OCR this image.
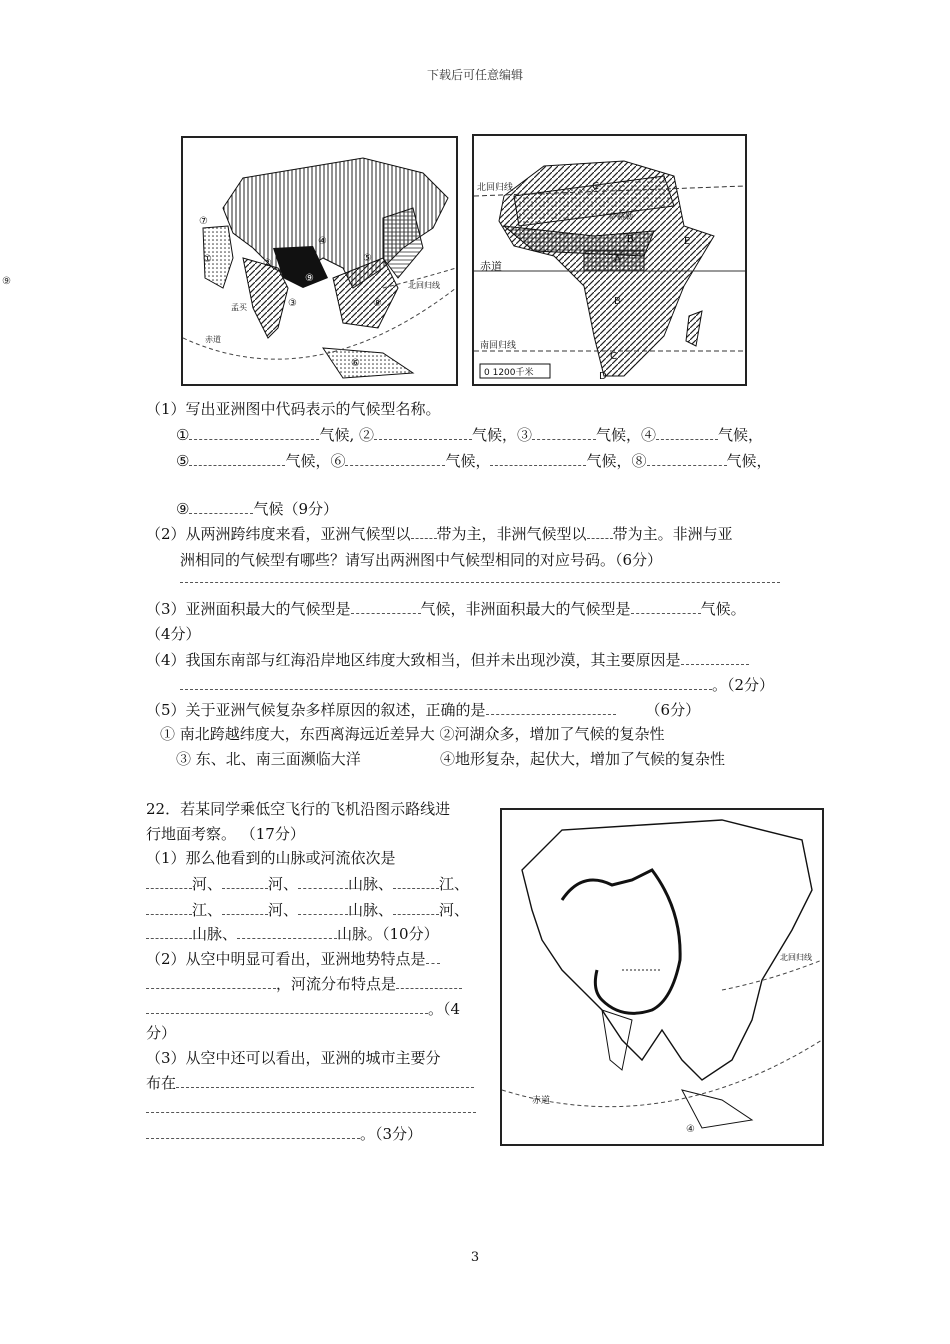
下载后可任意编辑
⑨
⑦
①	②
④
③
⑨
⑤
⑥
⑧
孟买
北回归线
赤道
北回归线
赤道
南回归线
0 1200千米
萨赫勒
A
B
C
D
E
B
C
（1）写出亚洲图中代码表示的气候型名称。
①	气候, ②	气候，③	气候，④	气候，
⑤	气候，⑥	气候，	气候，⑧	气候，
⑨	气候（9分）
（2）从两洲跨纬度来看，亚洲气候型以 带为主，非洲气候型以 带为主。非洲与亚
洲相同的气候型有哪些？请写出两洲图中气候型相同的对应号码。（6分）
（3）亚洲面积最大的气候型是	气候，非洲面积最大的气候型是	气候。
（4分）
（4）我国东南部与红海沿岸地区纬度大致相当，但并未出现沙漠，其主要原因是
。（2分）
（5）关于亚洲气候复杂多样原因的叙述，正确的是	（6分）
① 南北跨越纬度大，东西离海远近差异大 ②河湖众多，增加了气候的复杂性
③ 东、北、南三面濒临大洋	④地形复杂，起伏大，增加了气候的复杂性
22．若某同学乘低空飞行的飞机沿图示路线进
行地面考察。 （17分）
（1）那么他看到的山脉或河流依次是
河、	河、	山脉、	江、
江、	河、	山脉、	河、
山脉、	山脉。（10分）
（2）从空中明显可看出，亚洲地势特点是
，河流分布特点是
。（4
分）
（3）从空中还可以看出，亚洲的城市主要分
布在
。（3分）
北回归线
赤道
④
3
